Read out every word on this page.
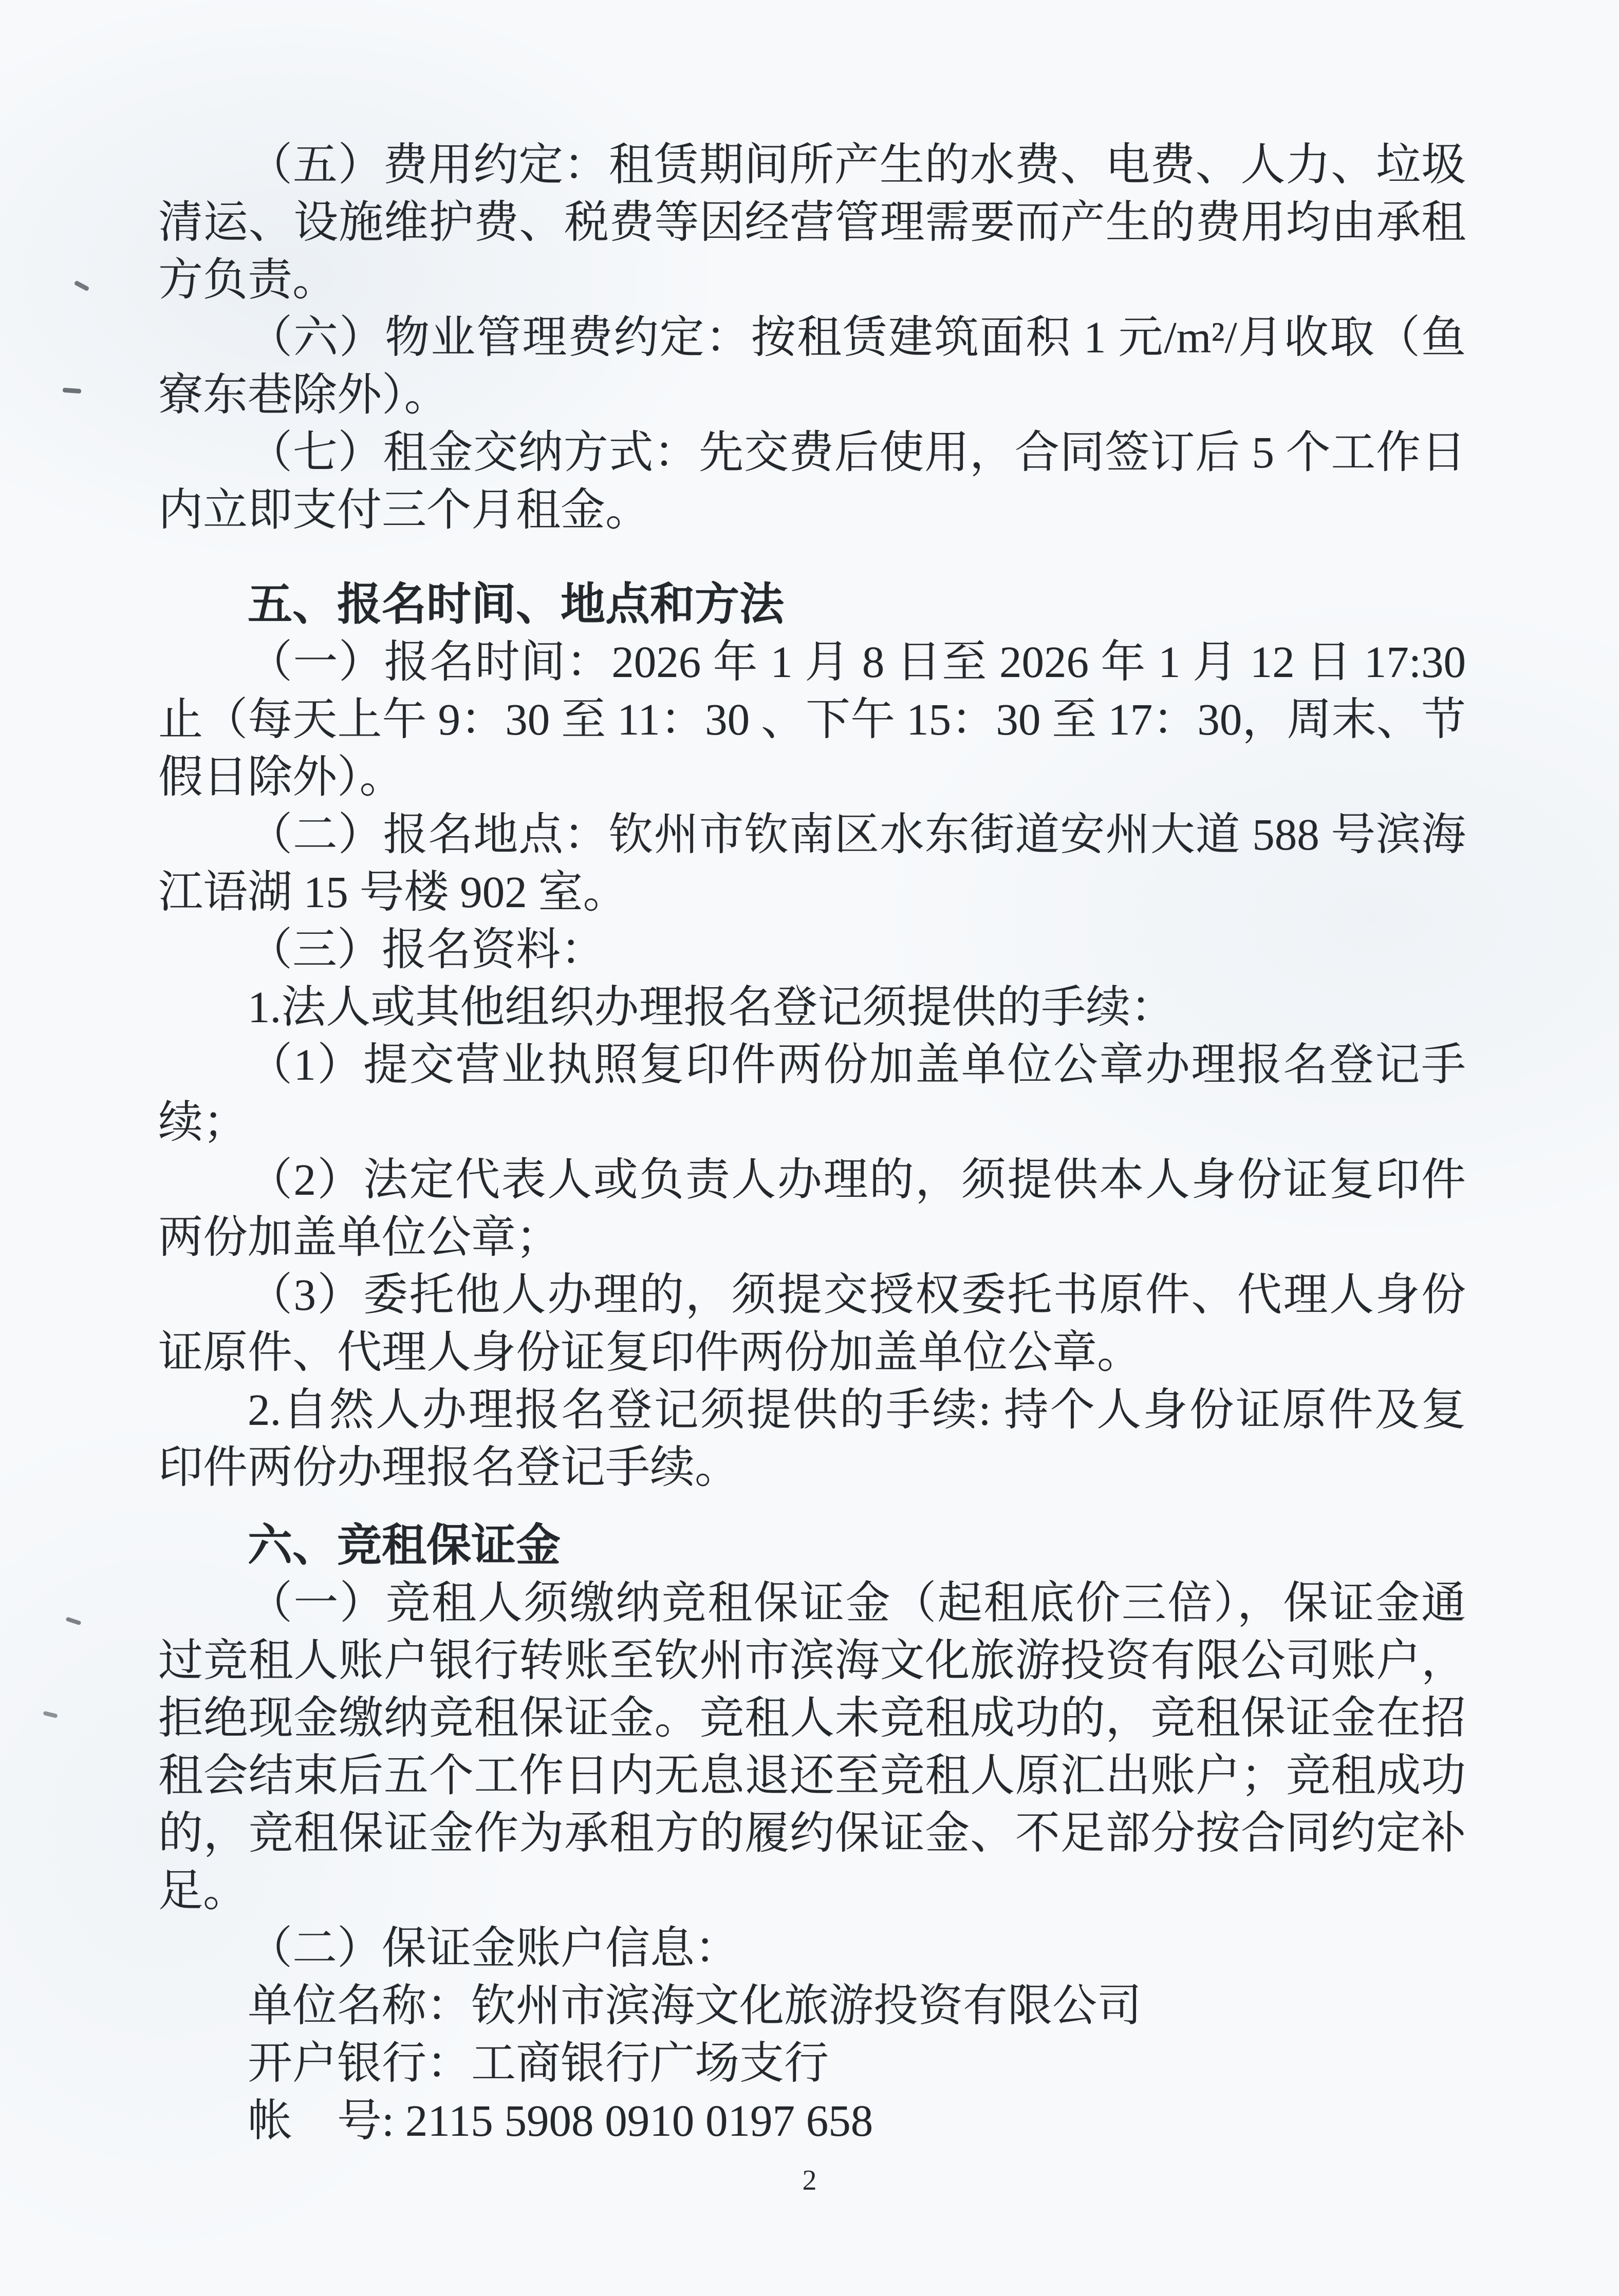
（五）费用约定：租赁期间所产生的水费、电费、人力、垃圾清运、设施维护费、税费等因经营管理需要而产生的费用均由承租方负责。

（六）物业管理费约定：按租赁建筑面积 1 元/m²/月收取（鱼寮东巷除外）。

（七）租金交纳方式：先交费后使用，合同签订后 5 个工作日内立即支付三个月租金。

五、报名时间、地点和方法

（一）报名时间：2026 年 1 月 8 日至 2026 年 1 月 12 日 17:30 止（每天上午 9：30 至 11：30 、下午 15：30 至 17：30，周末、节假日除外）。

（二）报名地点：钦州市钦南区水东街道安州大道 588 号滨海江语湖 15 号楼 902 室。

（三）报名资料：

1.法人或其他组织办理报名登记须提供的手续：

（1）提交营业执照复印件两份加盖单位公章办理报名登记手续；

（2）法定代表人或负责人办理的，须提供本人身份证复印件两份加盖单位公章；

（3）委托他人办理的，须提交授权委托书原件、代理人身份证原件、代理人身份证复印件两份加盖单位公章。

2.自然人办理报名登记须提供的手续: 持个人身份证原件及复印件两份办理报名登记手续。

六、竞租保证金

（一）竞租人须缴纳竞租保证金（起租底价三倍），保证金通过竞租人账户银行转账至钦州市滨海文化旅游投资有限公司账户，拒绝现金缴纳竞租保证金。竞租人未竞租成功的，竞租保证金在招租会结束后五个工作日内无息退还至竞租人原汇出账户；竞租成功的，竞租保证金作为承租方的履约保证金、不足部分按合同约定补足。

（二）保证金账户信息：

单位名称：钦州市滨海文化旅游投资有限公司

开户银行：工商银行广场支行

帐　号: 2115 5908 0910 0197 658

2
